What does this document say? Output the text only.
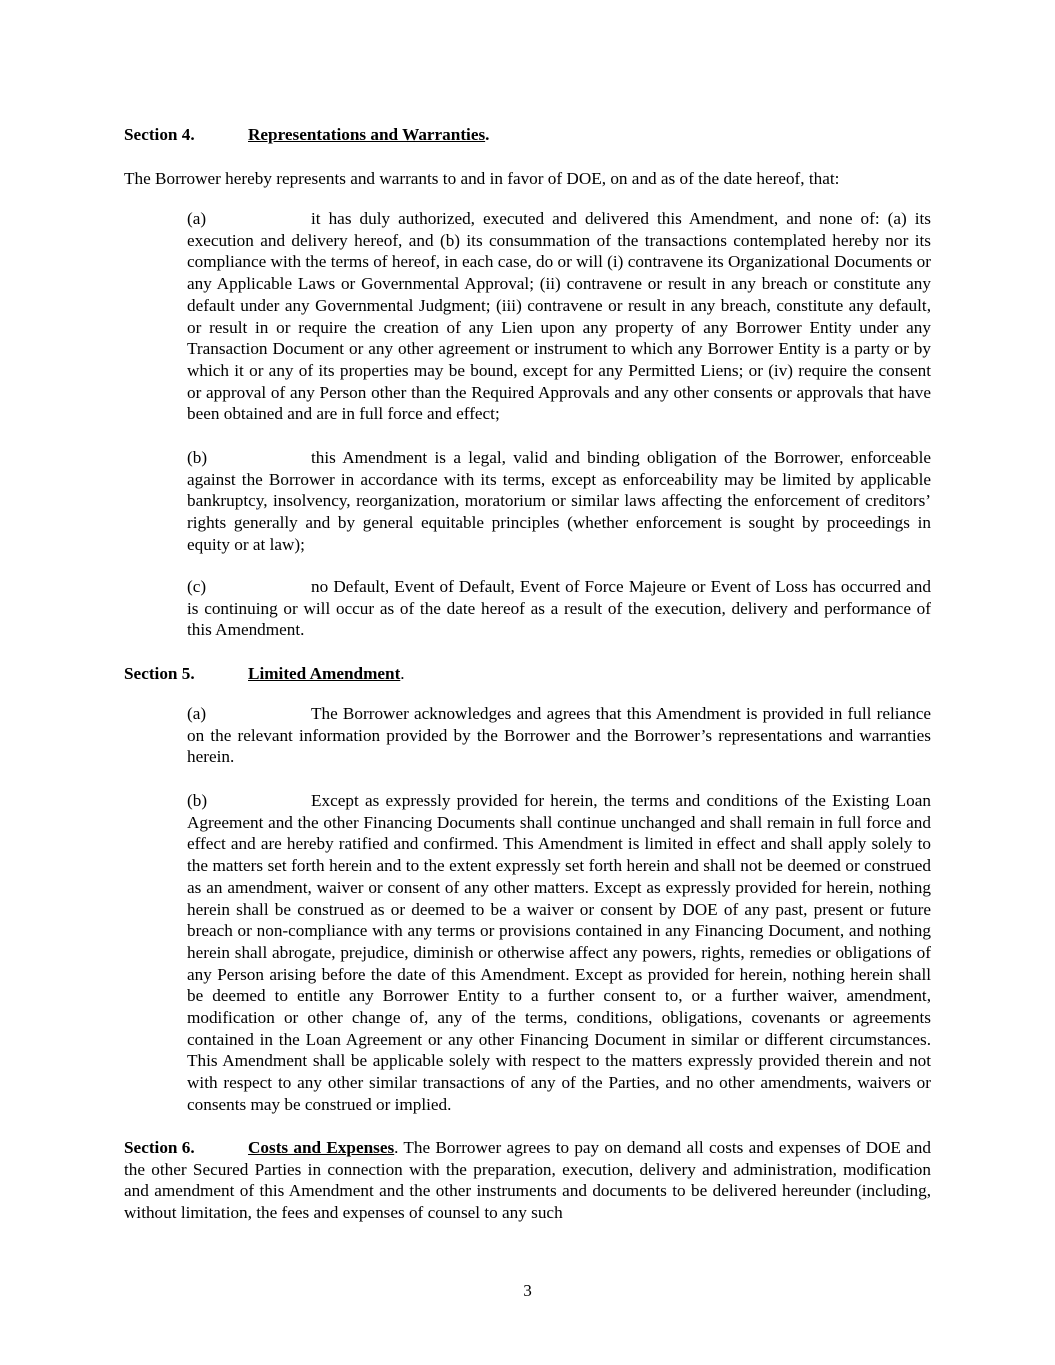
Section 4.	Representations and Warranties.
The Borrower hereby represents and warrants to and in favor of DOE, on and as of the date hereof, that:
(a)	it has duly authorized, executed and delivered this Amendment, and none of: (a) its execution and delivery hereof, and (b) its consummation of the transactions contemplated hereby nor its compliance with the terms of hereof, in each case, do or will (i) contravene its Organizational Documents or any Applicable Laws or Governmental Approval; (ii) contravene or result in any breach or constitute any default under any Governmental Judgment; (iii) contravene or result in any breach, constitute any default, or result in or require the creation of any Lien upon any property of any Borrower Entity under any Transaction Document or any other agreement or instrument to which any Borrower Entity is a party or by which it or any of its properties may be bound, except for any Permitted Liens; or (iv) require the consent or approval of any Person other than the Required Approvals and any other consents or approvals that have been obtained and are in full force and effect;
(b)	this Amendment is a legal, valid and binding obligation of the Borrower, enforceable against the Borrower in accordance with its terms, except as enforceability may be limited by applicable bankruptcy, insolvency, reorganization, moratorium or similar laws affecting the enforcement of creditors’ rights generally and by general equitable principles (whether enforcement is sought by proceedings in equity or at law);
(c)	no Default, Event of Default, Event of Force Majeure or Event of Loss has occurred and is continuing or will occur as of the date hereof as a result of the execution, delivery and performance of this Amendment.
Section 5.	Limited Amendment.
(a)	The Borrower acknowledges and agrees that this Amendment is provided in full reliance on the relevant information provided by the Borrower and the Borrower’s representations and warranties herein.
(b)	Except as expressly provided for herein, the terms and conditions of the Existing Loan Agreement and the other Financing Documents shall continue unchanged and shall remain in full force and effect and are hereby ratified and confirmed. This Amendment is limited in effect and shall apply solely to the matters set forth herein and to the extent expressly set forth herein and shall not be deemed or construed as an amendment, waiver or consent of any other matters. Except as expressly provided for herein, nothing herein shall be construed as or deemed to be a waiver or consent by DOE of any past, present or future breach or non-compliance with any terms or provisions contained in any Financing Document, and nothing herein shall abrogate, prejudice, diminish or otherwise affect any powers, rights, remedies or obligations of any Person arising before the date of this Amendment. Except as provided for herein, nothing herein shall be deemed to entitle any Borrower Entity to a further consent to, or a further waiver, amendment, modification or other change of, any of the terms, conditions, obligations, covenants or agreements contained in the Loan Agreement or any other Financing Document in similar or different circumstances. This Amendment shall be applicable solely with respect to the matters expressly provided therein and not with respect to any other similar transactions of any of the Parties, and no other amendments, waivers or consents may be construed or implied.
Section 6.	Costs and Expenses. The Borrower agrees to pay on demand all costs and expenses of DOE and the other Secured Parties in connection with the preparation, execution, delivery and administration, modification and amendment of this Amendment and the other instruments and documents to be delivered hereunder (including, without limitation, the fees and expenses of counsel to any such
3
